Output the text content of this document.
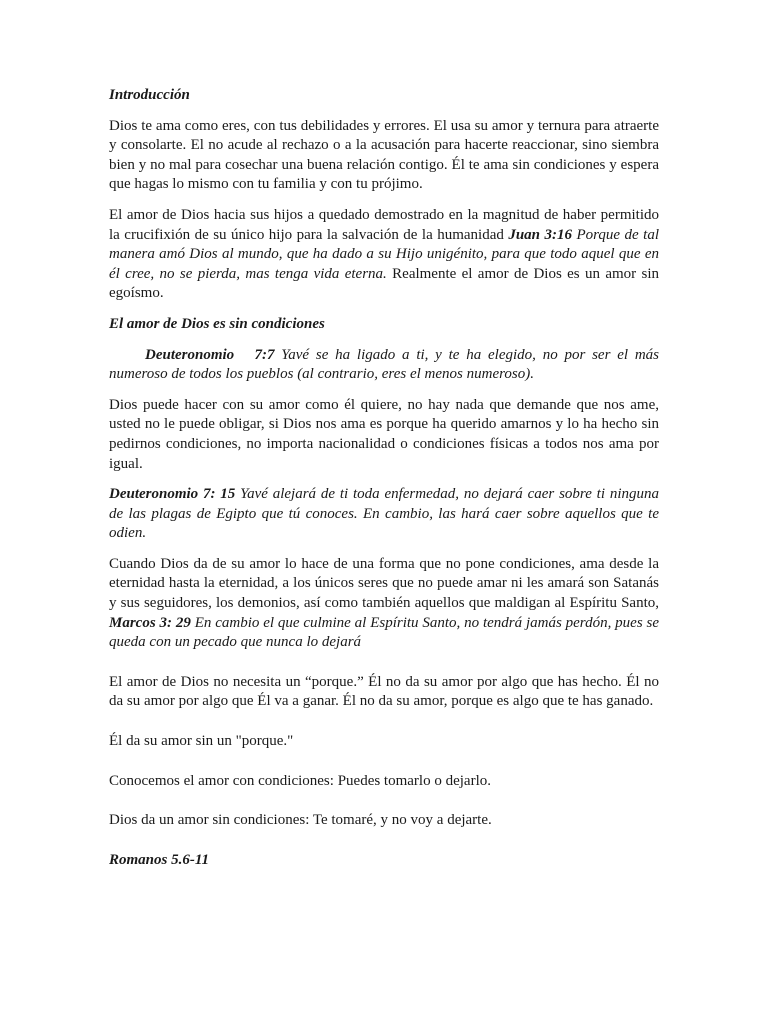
Introducción

Dios te ama como eres, con tus debilidades y errores. El usa su amor y ternura para atraerte y consolarte. El no acude al rechazo o a la acusación para hacerte reaccionar, sino siembra bien y no mal para cosechar una buena relación contigo. Él te ama sin condiciones y espera que hagas lo mismo con tu familia y con tu prójimo.

El amor de Dios hacia sus hijos a quedado demostrado en la magnitud de haber permitido la crucifixión de su único hijo para la salvación de la humanidad Juan 3:16 Porque de tal manera amó Dios al mundo, que ha dado a su Hijo unigénito, para que todo aquel que en él cree, no se pierda, mas tenga vida eterna. Realmente el amor de Dios es un amor sin egoísmo.

El amor de Dios es sin condiciones

Deuteronomio   7:7 Yavé se ha ligado a ti, y te ha elegido, no por ser el más numeroso de todos los pueblos (al contrario, eres el menos numeroso).

Dios puede hacer con su amor como él quiere, no hay nada que demande que nos ame, usted no le puede obligar, si Dios nos ama es porque ha querido amarnos y lo ha hecho sin pedirnos condiciones, no importa nacionalidad o condiciones físicas a todos nos ama por igual.

Deuteronomio 7: 15 Yavé alejará de ti toda enfermedad, no dejará caer sobre ti ninguna de las plagas de Egipto que tú conoces. En cambio, las hará caer sobre aquellos que te odien.

Cuando Dios da de su amor lo hace de una forma que no pone condiciones, ama desde la eternidad hasta la eternidad, a los únicos seres que no puede amar ni les amará son Satanás y sus seguidores, los demonios, así como también aquellos que maldigan al Espíritu Santo, Marcos 3: 29 En cambio el que culmine al Espíritu Santo, no tendrá jamás perdón, pues se queda con un pecado que nunca lo dejará

El amor de Dios no necesita un “porque.” Él no da su amor por algo que has hecho. Él no da su amor por algo que Él va a ganar. Él no da su amor, porque es algo que te has ganado.

Él da su amor sin un "porque."

Conocemos el amor con condiciones: Puedes tomarlo o dejarlo.

Dios da un amor sin condiciones: Te tomaré, y no voy a dejarte.

Romanos 5.6-11
